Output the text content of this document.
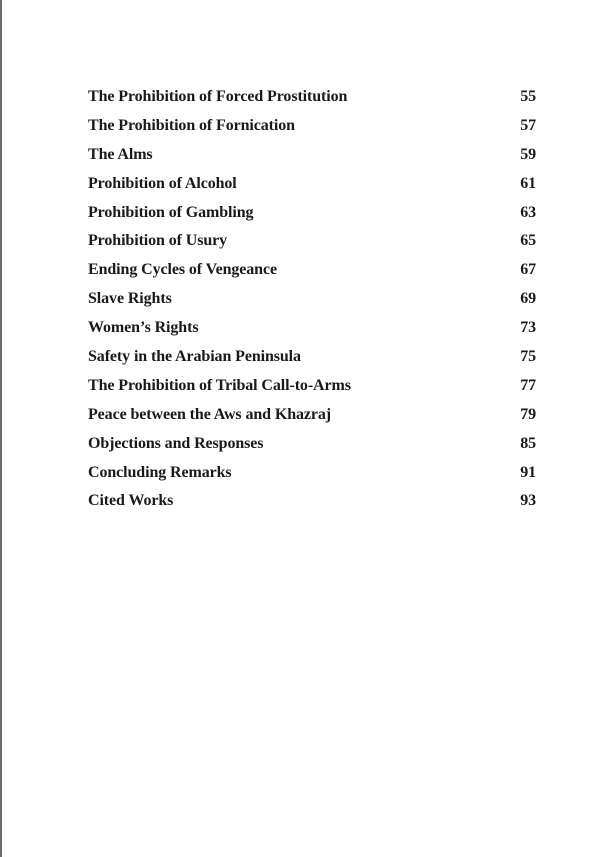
The Prohibition of Forced Prostitution	55
The Prohibition of Fornication	57
The Alms	59
Prohibition of Alcohol	61
Prohibition of Gambling	63
Prohibition of Usury	65
Ending Cycles of Vengeance	67
Slave Rights	69
Women’s Rights	73
Safety in the Arabian Peninsula	75
The Prohibition of Tribal Call-to-Arms	77
Peace between the Aws and Khazraj	79
Objections and Responses	85
Concluding Remarks	91
Cited Works	93
